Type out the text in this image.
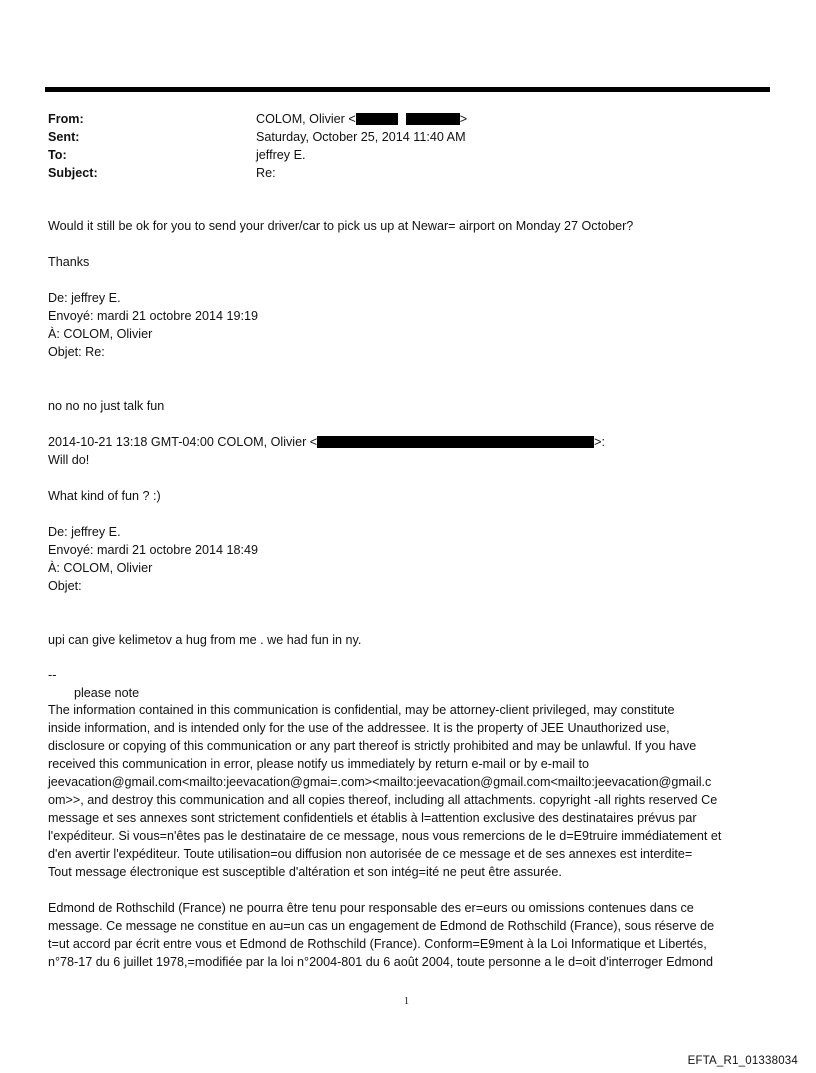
From:	COLOM, Olivier <	>
Sent:	Saturday, October 25, 2014 11:40 AM
To:	jeffrey E.
Subject:	Re:
Would it still be ok for you to send your driver/car to pick us up at Newar= airport on Monday 27 October?
Thanks
De: jeffrey E.
Envoyé: mardi 21 octobre 2014 19:19
À: COLOM, Olivier
Objet: Re:
no no no just talk fun
2014-10-21 13:18 GMT-04:00 COLOM, Olivier <	>:
Will do!
What kind of fun ? :)
De: jeffrey E.
Envoyé: mardi 21 octobre 2014 18:49
À: COLOM, Olivier
Objet:
upi can give kelimetov a hug from me . we had fun in ny.
--
please note
The information contained in this communication is confidential, may be attorney-client privileged, may constitute
inside information, and is intended only for the use of the addressee. It is the property of JEE Unauthorized use,
disclosure or copying of this communication or any part thereof is strictly prohibited and may be unlawful. If you have
received this communication in error, please notify us immediately by return e-mail or by e-mail to
jeevacation@gmail.com<mailto:jeevacation@gmai=.com><mailto:jeevacation@gmail.com<mailto:jeevacation@gmail.c
om>>, and destroy this communication and all copies thereof, including all attachments. copyright -all rights reserved Ce
message et ses annexes sont strictement confidentiels et établis à l=attention exclusive des destinataires prévus par
l'expéditeur. Si vous=n'êtes pas le destinataire de ce message, nous vous remercions de le d=E9truire immédiatement et
d'en avertir l'expéditeur. Toute utilisation=ou diffusion non autorisée de ce message et de ses annexes est interdite=
Tout message électronique est susceptible d'altération et son intég=ité ne peut être assurée.
Edmond de Rothschild (France) ne pourra être tenu pour responsable des er=eurs ou omissions contenues dans ce
message. Ce message ne constitue en au=un cas un engagement de Edmond de Rothschild (France), sous réserve de
t=ut accord par écrit entre vous et Edmond de Rothschild (France). Conform=E9ment à la Loi Informatique et Libertés,
n°78-17 du 6 juillet 1978,=modifiée par la loi n°2004-801 du 6 août 2004, toute personne a le d=oit d'interroger Edmond
1
EFTA_R1_01338034
